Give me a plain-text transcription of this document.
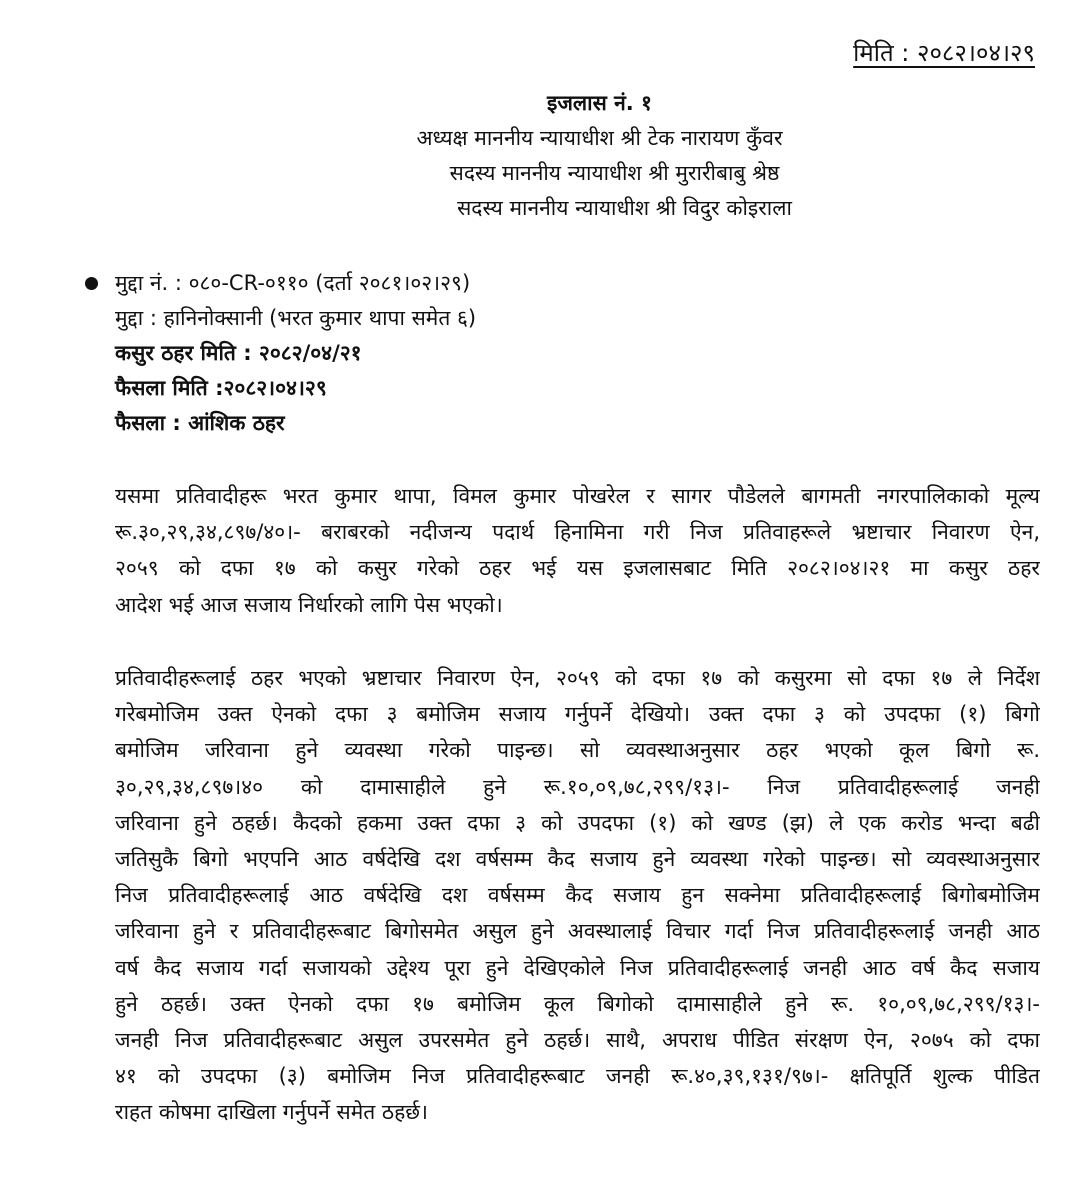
मिति : २०८२।०४।२९
इजलास नं. १
अध्यक्ष माननीय न्यायाधीश श्री टेक नारायण कुँवर
सदस्य माननीय न्यायाधीश श्री मुरारीबाबु श्रेष्ठ
सदस्य माननीय न्यायाधीश श्री विदुर कोइराला
मुद्दा नं. : ०८०-CR-०११० (दर्ता २०८१।०२।२९)
मुद्दा : हानिनोक्सानी (भरत कुमार थापा समेत ६)
कसुर ठहर मिति : २०८२/०४/२१
फैसला मिति :२०८२।०४।२९
फैसला : आंशिक ठहर
यसमा प्रतिवादीहरू भरत कुमार थापा, विमल कुमार पोखरेल र सागर पौडेलले बागमती नगरपालिकाको मूल्य
रू.३०,२९,३४,८९७/४०।- बराबरको नदीजन्य पदार्थ हिनामिना गरी निज प्रतिवाहरूले भ्रष्टाचार निवारण ऐन,
२०५९ को दफा १७ को कसुर गरेको ठहर भई यस इजलासबाट मिति २०८२।०४।२१ मा कसुर ठहर
आदेश भई आज सजाय निर्धारको लागि पेस भएको।
प्रतिवादीहरूलाई ठहर भएको भ्रष्टाचार निवारण ऐन, २०५९ को दफा १७ को कसुरमा सो दफा १७ ले निर्देश
गरेबमोजिम उक्त ऐनको दफा ३ बमोजिम सजाय गर्नुपर्ने देखियो। उक्त दफा ३ को उपदफा (१) बिगो
बमोजिम जरिवाना हुने व्यवस्था गरेको पाइन्छ। सो व्यवस्थाअनुसार ठहर भएको कूल बिगो रू.
३०,२९,३४,८९७।४० को दामासाहीले हुने रू.१०,०९,७८,२९९/१३।- निज प्रतिवादीहरूलाई जनही
जरिवाना हुने ठहर्छ। कैदको हकमा उक्त दफा ३ को उपदफा (१) को खण्ड (झ) ले एक करोड भन्दा बढी
जतिसुकै बिगो भएपनि आठ वर्षदेखि दश वर्षसम्म कैद सजाय हुने व्यवस्था गरेको पाइन्छ। सो व्यवस्थाअनुसार
निज प्रतिवादीहरूलाई आठ वर्षदेखि दश वर्षसम्म कैद सजाय हुन सक्नेमा प्रतिवादीहरूलाई बिगोबमोजिम
जरिवाना हुने र प्रतिवादीहरूबाट बिगोसमेत असुल हुने अवस्थालाई विचार गर्दा निज प्रतिवादीहरूलाई जनही आठ
वर्ष कैद सजाय गर्दा सजायको उद्देश्य पूरा हुने देखिएकोले निज प्रतिवादीहरूलाई जनही आठ वर्ष कैद सजाय
हुने ठहर्छ। उक्त ऐनको दफा १७ बमोजिम कूल बिगोको दामासाहीले हुने रू. १०,०९,७८,२९९/१३।-
जनही निज प्रतिवादीहरूबाट असुल उपरसमेत हुने ठहर्छ। साथै, अपराध पीडित संरक्षण ऐन, २०७५ को दफा
४१ को उपदफा (३) बमोजिम निज प्रतिवादीहरूबाट जनही रू.४०,३९,१३१/९७।- क्षतिपूर्ति शुल्क पीडित
राहत कोषमा दाखिला गर्नुपर्ने समेत ठहर्छ।
